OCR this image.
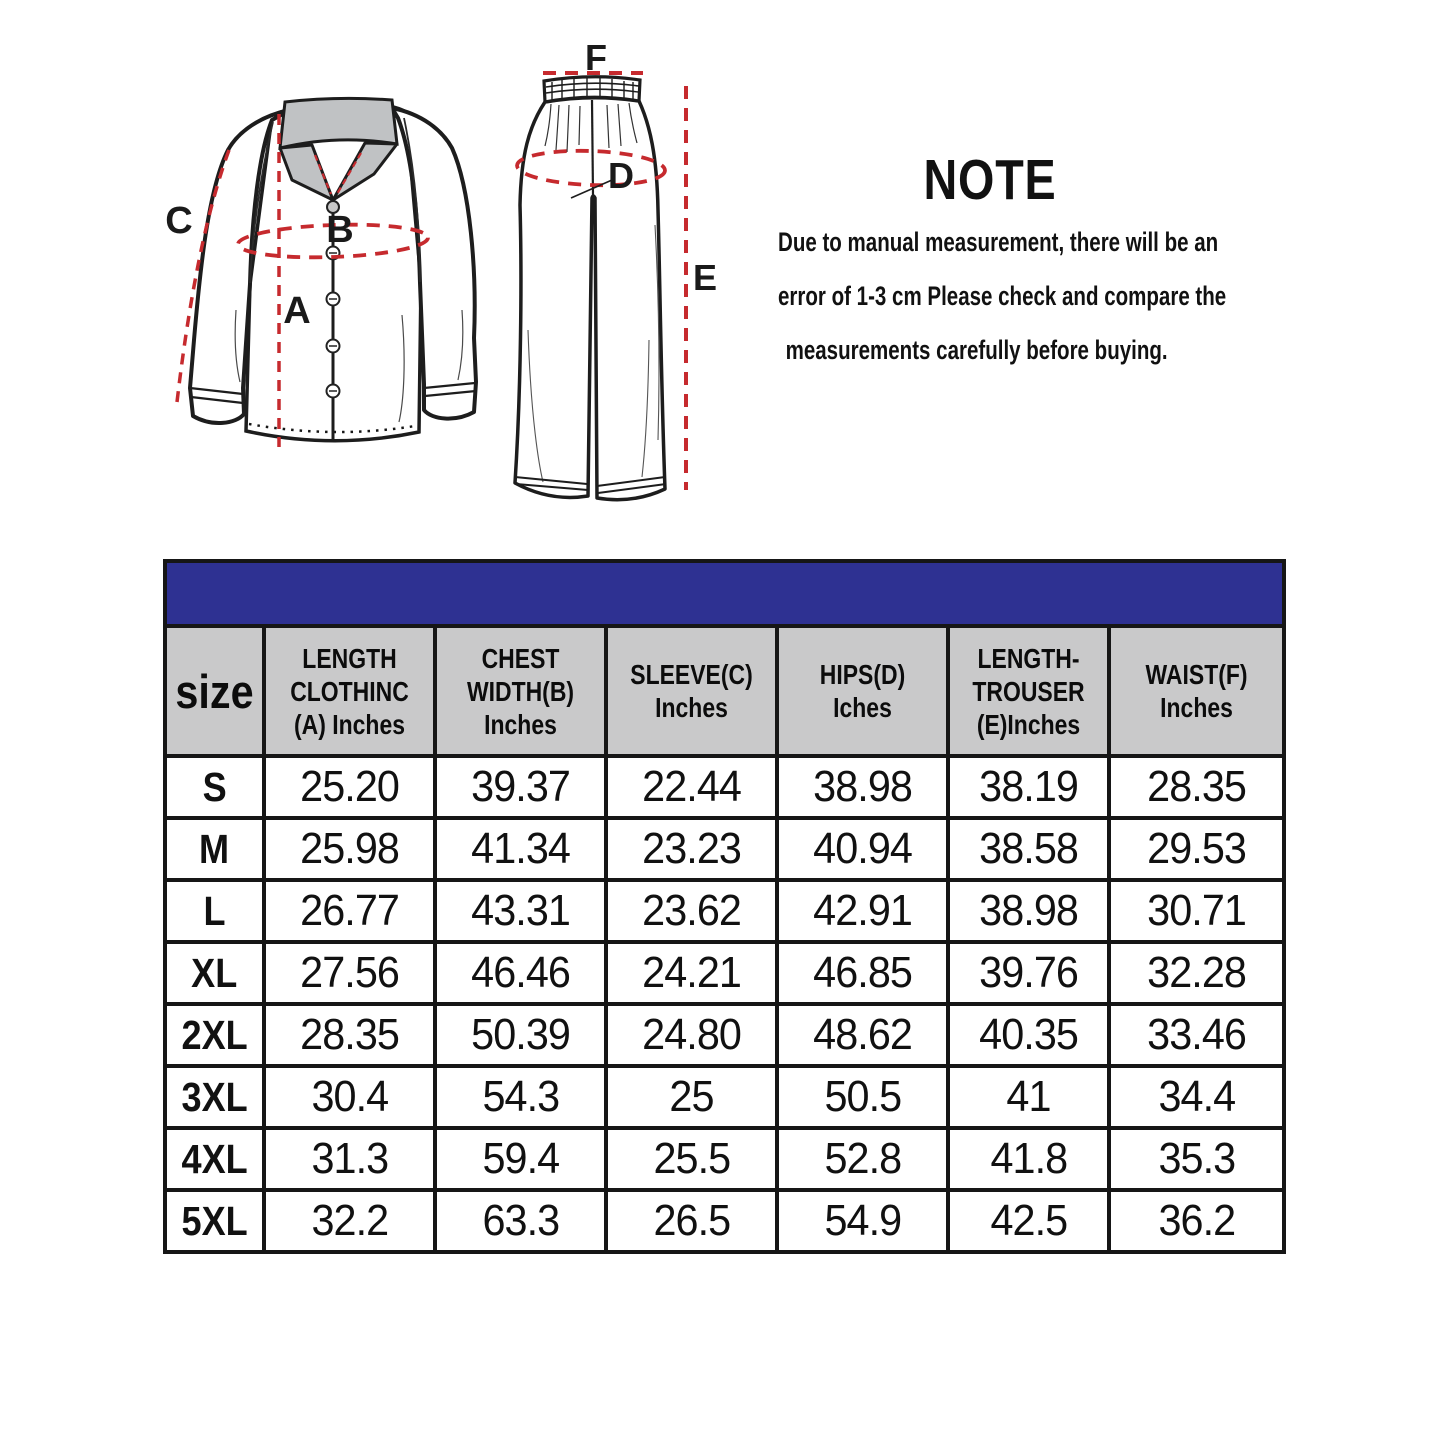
A
B
C
F
D
E
NOTE
Due to manual measurement, there will be an
error of 1-3 cm Please check and compare the
measurements carefully before buying.

size

LENGTH
CLOTHINC
(A) Inches

CHEST
WIDTH(B)
Inches

SLEEVE(C)
Inches

HIPS(D)
Iches

LENGTH-
TROUSER
(E)Inches

WAIST(F)
Inches

S	25.20	39.37	22.44	38.98	38.19	28.35
M	25.98	41.34	23.23	40.94	38.58	29.53
L	26.77	43.31	23.62	42.91	38.98	30.71
XL	27.56	46.46	24.21	46.85	39.76	32.28
2XL	28.35	50.39	24.80	48.62	40.35	33.46
3XL	30.4	54.3	25	50.5	41	34.4
4XL	31.3	59.4	25.5	52.8	41.8	35.3
5XL	32.2	63.3	26.5	54.9	42.5	36.2
